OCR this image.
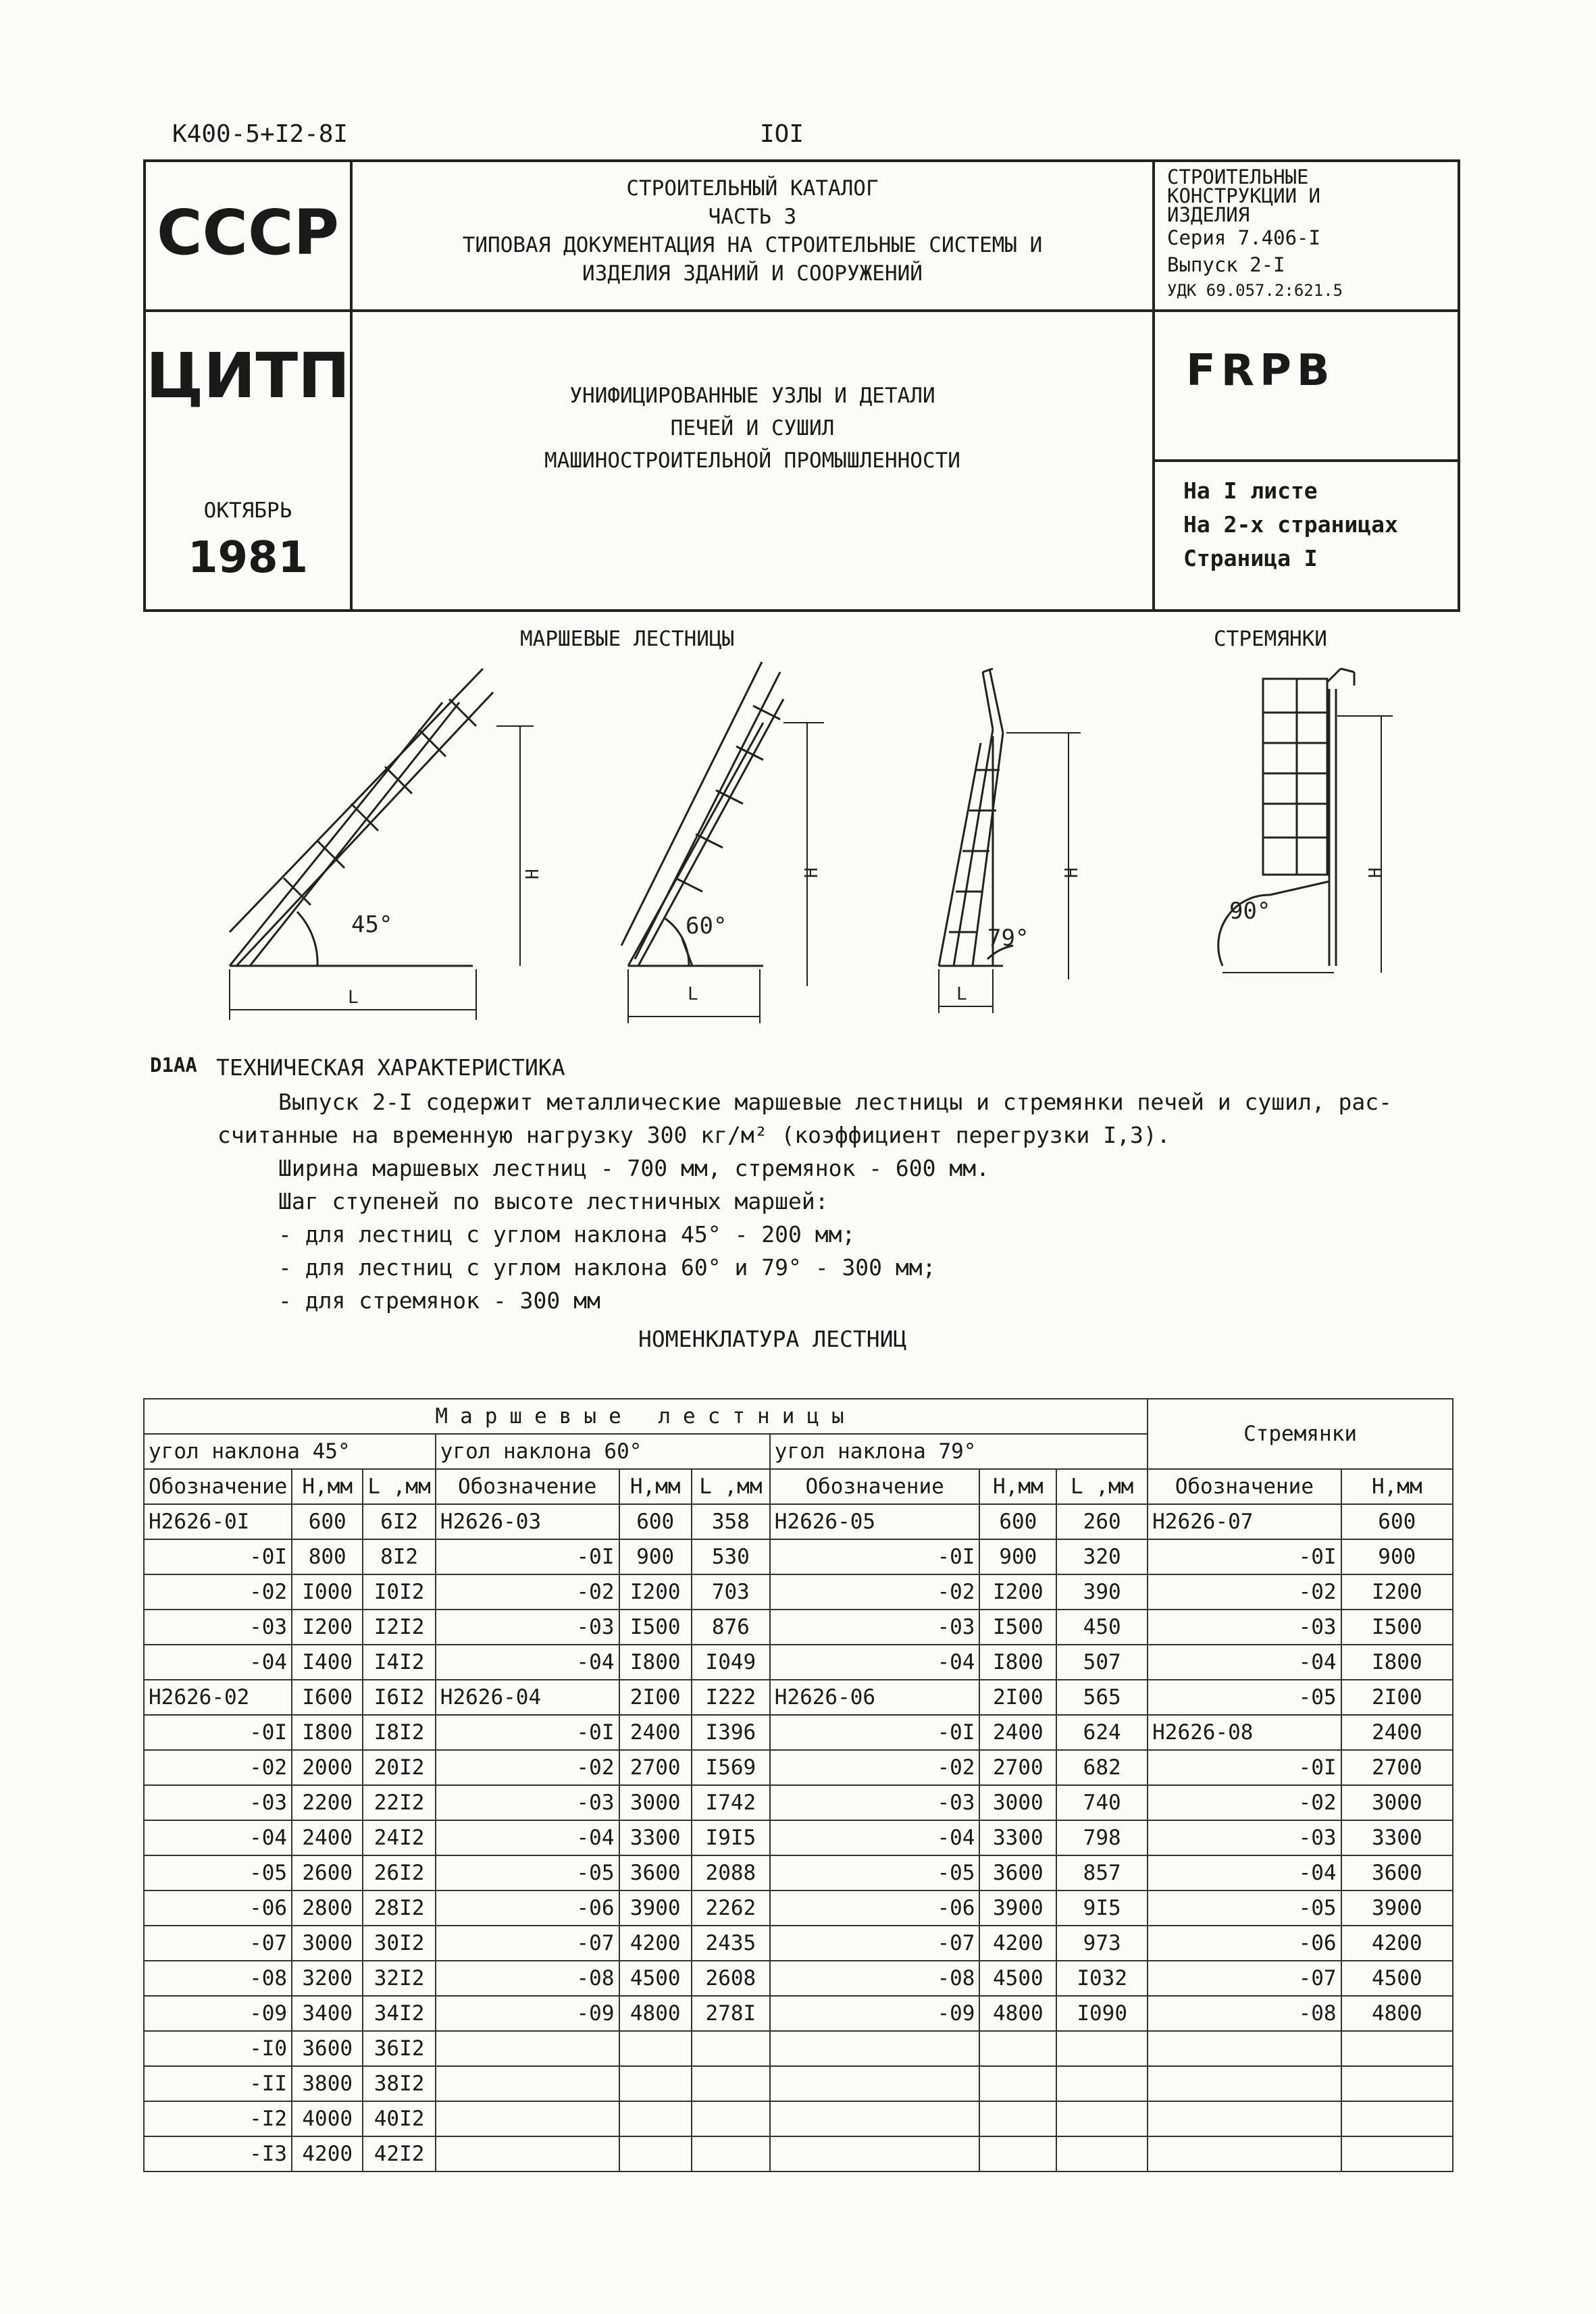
К400-5+I2-8I	IOI
СССР
ЦИТП
ОКТЯБРЬ
1981
СТРОИТЕЛЬНЫЙ КАТАЛОГ
ЧАСТЬ 3
ТИПОВАЯ ДОКУМЕНТАЦИЯ НА СТРОИТЕЛЬНЫЕ СИСТЕМЫ И
ИЗДЕЛИЯ ЗДАНИЙ И СООРУЖЕНИЙ
УНИФИЦИРОВАННЫЕ УЗЛЫ И ДЕТАЛИ
ПЕЧЕЙ И СУШИЛ
МАШИНОСТРОИТЕЛЬНОЙ ПРОМЫШЛЕННОСТИ
СТРОИТЕЛЬНЫЕ
КОНСТРУКЦИИ И
ИЗДЕЛИЯ
Серия 7.406-I
Выпуск 2-I
УДК 69.057.2:621.5
FRPB
На I листе
На 2-х страницах
Страница I
МАРШЕВЫЕ ЛЕСТНИЦЫ	СТРЕМЯНКИ
45°
L
H
60°
L
H
79°
L
H
90°
H
D1AA ТЕХНИЧЕСКАЯ ХАРАКТЕРИСТИКА
Выпуск 2-I содержит металлические маршевые лестницы и стремянки печей и сушил, рас-
считанные на временную нагрузку 300 кг/м² (коэффициент перегрузки I,3).
Ширина маршевых лестниц - 700 мм, стремянок - 600 мм.
Шаг ступеней по высоте лестничных маршей:
- для лестниц с углом наклона 45° - 200 мм;
- для лестниц с углом наклона 60° и 79° - 300 мм;
- для стремянок - 300 мм
НОМЕНКЛАТУРА ЛЕСТНИЦ
Маршевые лестницы									Стремянки	
угол наклона 45°			угол наклона 60°			угол наклона 79°				
Обозначение	Н,мм	L ,мм	Обозначение	Н,мм	L ,мм	Обозначение	Н,мм	L ,мм	Обозначение	Н,мм
Н2626-0I	600	6I2	Н2626-03	600	358	Н2626-05	600	260	Н2626-07	600
-0I	800	8I2	-0I	900	530	-0I	900	320	-0I	900
-02	I000	I0I2	-02	I200	703	-02	I200	390	-02	I200
-03	I200	I2I2	-03	I500	876	-03	I500	450	-03	I500
-04	I400	I4I2	-04	I800	I049	-04	I800	507	-04	I800
Н2626-02	I600	I6I2	Н2626-04	2I00	I222	Н2626-06	2I00	565	-05	2I00
-0I	I800	I8I2	-0I	2400	I396	-0I	2400	624	Н2626-08	2400
-02	2000	20I2	-02	2700	I569	-02	2700	682	-0I	2700
-03	2200	22I2	-03	3000	I742	-03	3000	740	-02	3000
-04	2400	24I2	-04	3300	I9I5	-04	3300	798	-03	3300
-05	2600	26I2	-05	3600	2088	-05	3600	857	-04	3600
-06	2800	28I2	-06	3900	2262	-06	3900	9I5	-05	3900
-07	3000	30I2	-07	4200	2435	-07	4200	973	-06	4200
-08	3200	32I2	-08	4500	2608	-08	4500	I032	-07	4500
-09	3400	34I2	-09	4800	278I	-09	4800	I090	-08	4800
-I0	3600	36I2								
-II	3800	38I2								
-I2	4000	40I2								
-I3	4200	42I2								
